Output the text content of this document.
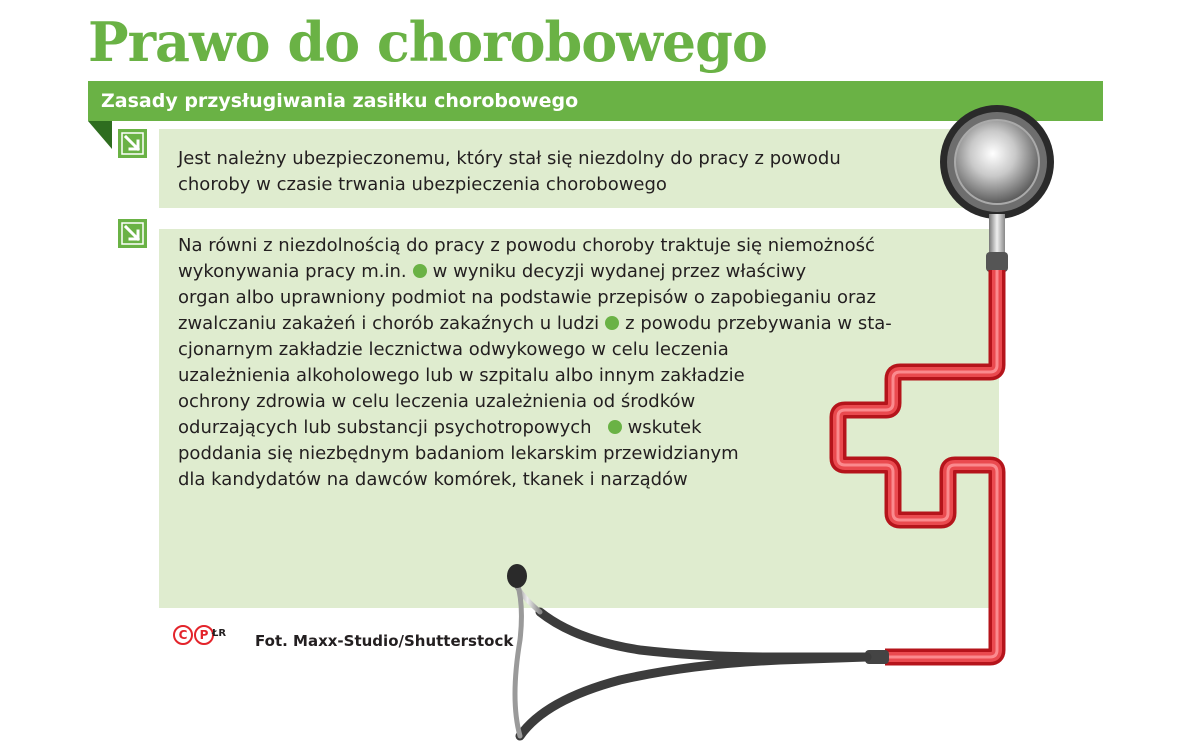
Prawo do chorobowego
Zasady przysługiwania zasiłku chorobowego
Jest należny ubezpieczonemu, który stał się niezdolny do pracy z powodu
choroby w czasie trwania ubezpieczenia chorobowego
Na równi z niezdolnością do pracy z powodu choroby traktuje się niemożność
wykonywania pracy m.in. w wyniku decyzji wydanej przez właściwy
organ albo uprawniony podmiot na podstawie przepisów o zapobieganiu oraz
zwalczaniu zakażeń i chorób zakaźnych u ludzi z powodu przebywania w sta-
cjonarnym zakładzie lecznictwa odwykowego w celu leczenia
uzależnienia alkoholowego lub w szpitalu albo innym zakładzie
ochrony zdrowia w celu leczenia uzależnienia od środków
odurzających lub substancji psychotropowych wskutek
poddania się niezbędnym badaniom lekarskim przewidzianym
dla kandydatów na dawców komórek, tkanek i narządów
C P ŁR Fot. Maxx-Studio/Shutterstock
